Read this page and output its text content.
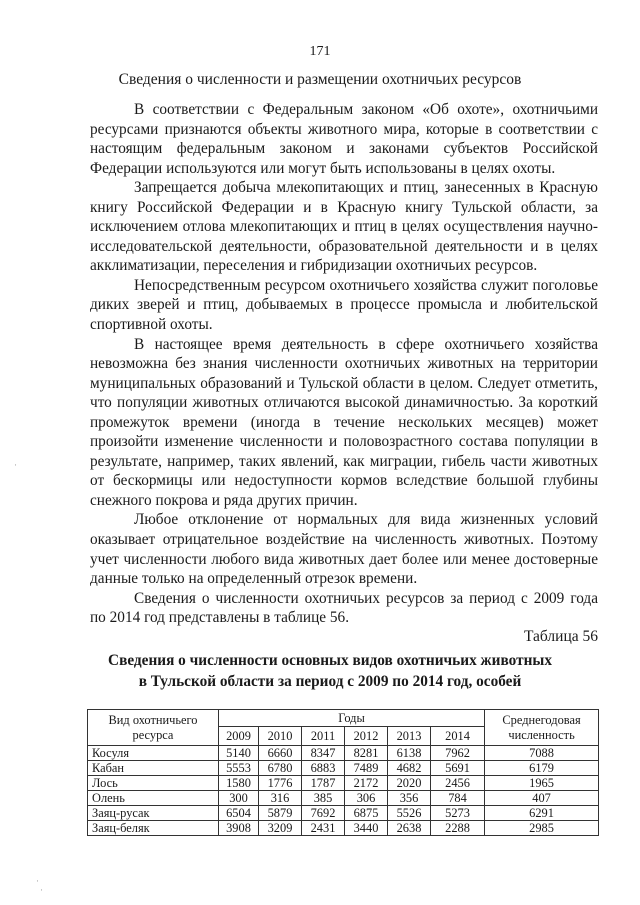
171
Сведения о численности и размещении охотничьих ресурсов

В соответствии с Федеральным законом «Об охоте», охотничьими ресурсами признаются объекты животного мира, которые в соответствии с настоящим федеральным законом и законами субъектов Российской Федерации используются или могут быть использованы в целях охоты.

Запрещается добыча млекопитающих и птиц, занесенных в Красную книгу Российской Федерации и в Красную книгу Тульской области, за исключением отлова млекопитающих и птиц в целях осуществления научно-исследовательской деятельности, образовательной деятельности и в целях акклиматизации, переселения и гибридизации охотничьих ресурсов.

Непосредственным ресурсом охотничьего хозяйства служит поголовье диких зверей и птиц, добываемых в процессе промысла и любительской спортивной охоты.

В настоящее время деятельность в сфере охотничьего хозяйства невозможна без знания численности охотничьих животных на территории муниципальных образований и Тульской области в целом. Следует отметить, что популяции животных отличаются высокой динамичностью. За короткий промежуток времени (иногда в течение нескольких месяцев) может произойти изменение численности и половозрастного состава популяции в результате, например, таких явлений, как миграции, гибель части животных от бескормицы или недоступности кормов вследствие большой глубины снежного покрова и ряда других причин.

Любое отклонение от нормальных для вида жизненных условий оказывает отрицательное воздействие на численность животных. Поэтому учет численности любого вида животных дает более или менее достоверные данные только на определенный отрезок времени.

Сведения о численности охотничьих ресурсов за период с 2009 года по 2014 год представлены в таблице 56.

Таблица 56
Сведения о численности основных видов охотничьих животных
в Тульской области за период с 2009 по 2014 год, особей
Вид охотничьего ресурса	Годы						Среднегодовая численность
	2009	2010	2011	2012	2013	2014	
Косуля	5140	6660	8347	8281	6138	7962	7088
Кабан	5553	6780	6883	7489	4682	5691	6179
Лось	1580	1776	1787	2172	2020	2456	1965
Олень	300	316	385	306	356	784	407
Заяц-русак	6504	5879	7692	6875	5526	5273	6291
Заяц-беляк	3908	3209	2431	3440	2638	2288	2985
·
·
·
